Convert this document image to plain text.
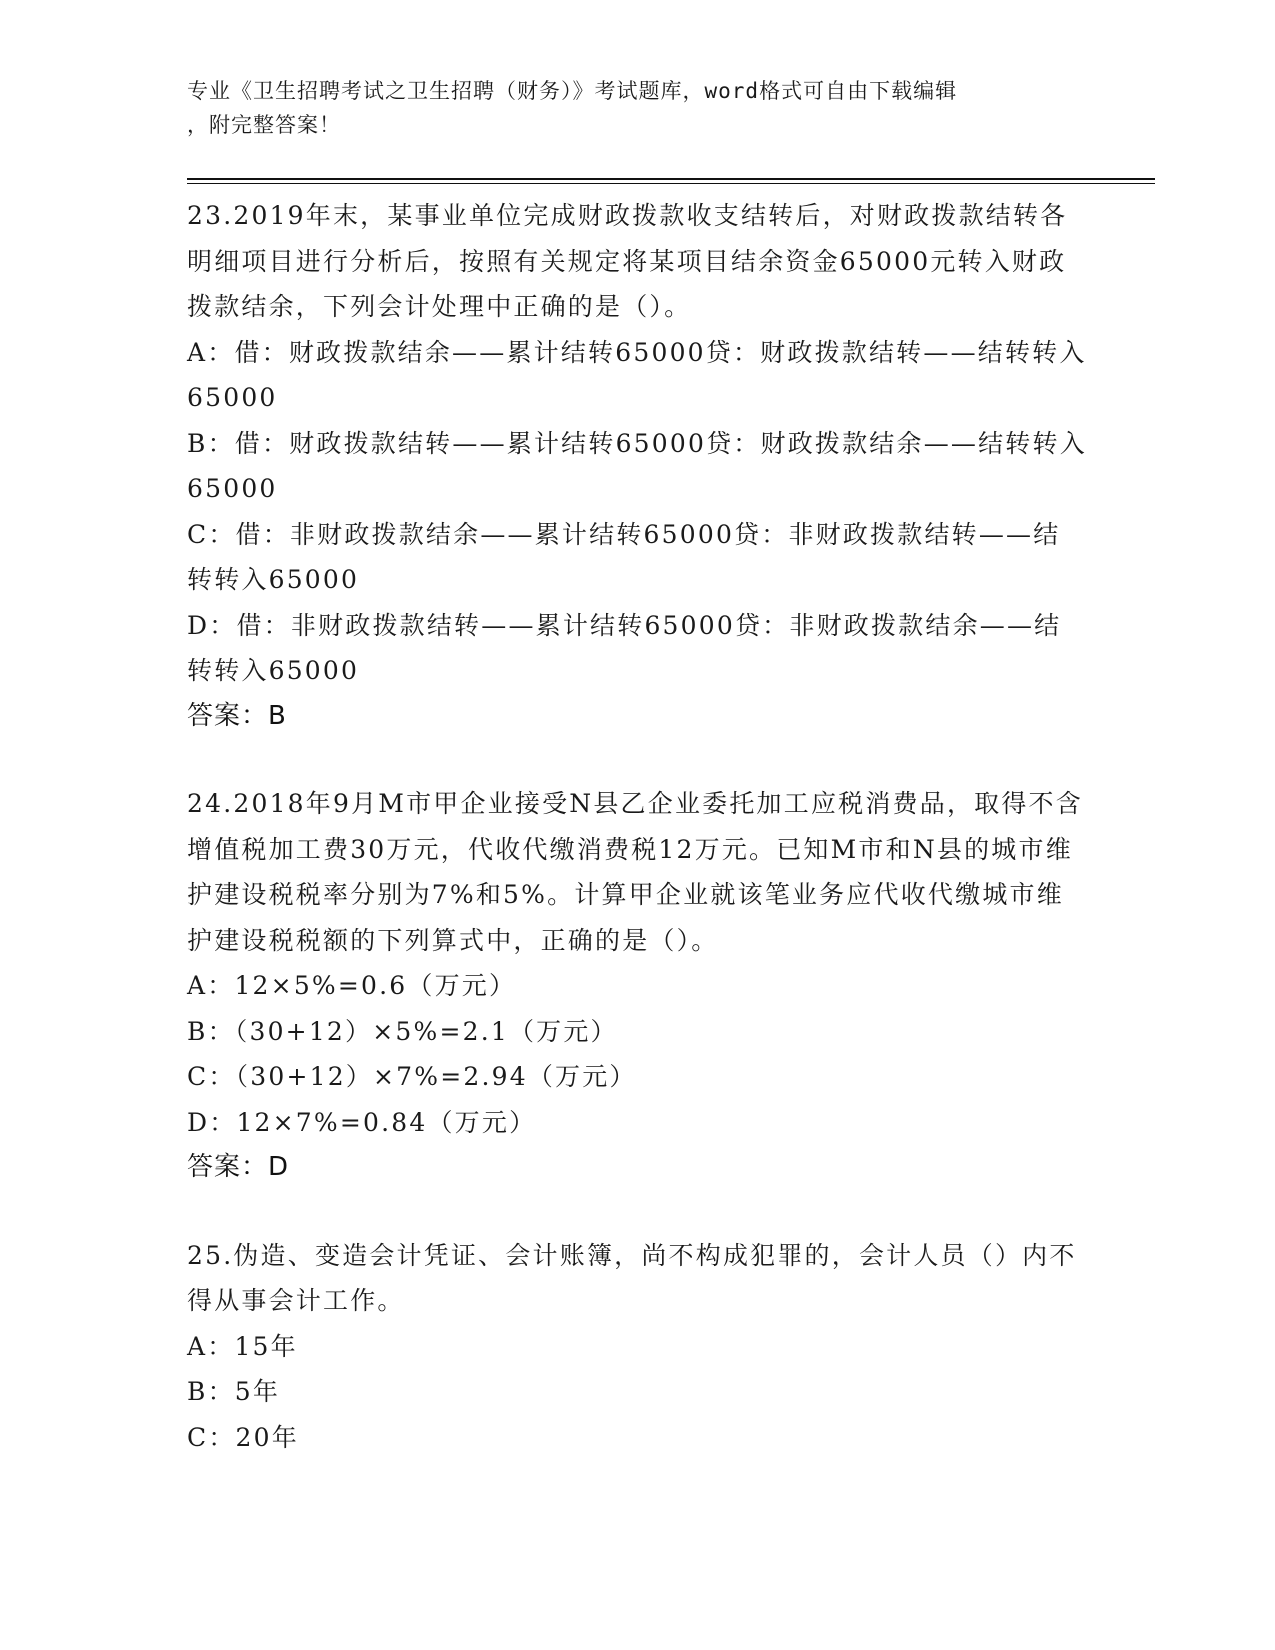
专业《卫生招聘考试之卫生招聘（财务）》考试题库，word格式可自由下载编辑
，附完整答案！

23.2019年末，某事业单位完成财政拨款收支结转后，对财政拨款结转各明细项目进行分析后，按照有关规定将某项目结余资金65000元转入财政拨款结余，下列会计处理中正确的是（）。

A：借：财政拨款结余——累计结转65000贷：财政拨款结转——结转转入65000

B：借：财政拨款结转——累计结转65000贷：财政拨款结余——结转转入65000

C：借：非财政拨款结余——累计结转65000贷：非财政拨款结转——结转转入65000

D：借：非财政拨款结转——累计结转65000贷：非财政拨款结余——结转转入65000

答案：B

24.2018年9月M市甲企业接受N县乙企业委托加工应税消费品，取得不含增值税加工费30万元，代收代缴消费税12万元。已知M市和N县的城市维护建设税税率分别为7%和5%。计算甲企业就该笔业务应代收代缴城市维护建设税税额的下列算式中，正确的是（）。

A：12×5%=0.6（万元）

B：（30+12）×5%=2.1（万元）

C：（30+12）×7%=2.94（万元）

D：12×7%=0.84（万元）

答案：D

25.伪造、变造会计凭证、会计账簿，尚不构成犯罪的，会计人员（）内不得从事会计工作。

A：15年

B：5年

C：20年
